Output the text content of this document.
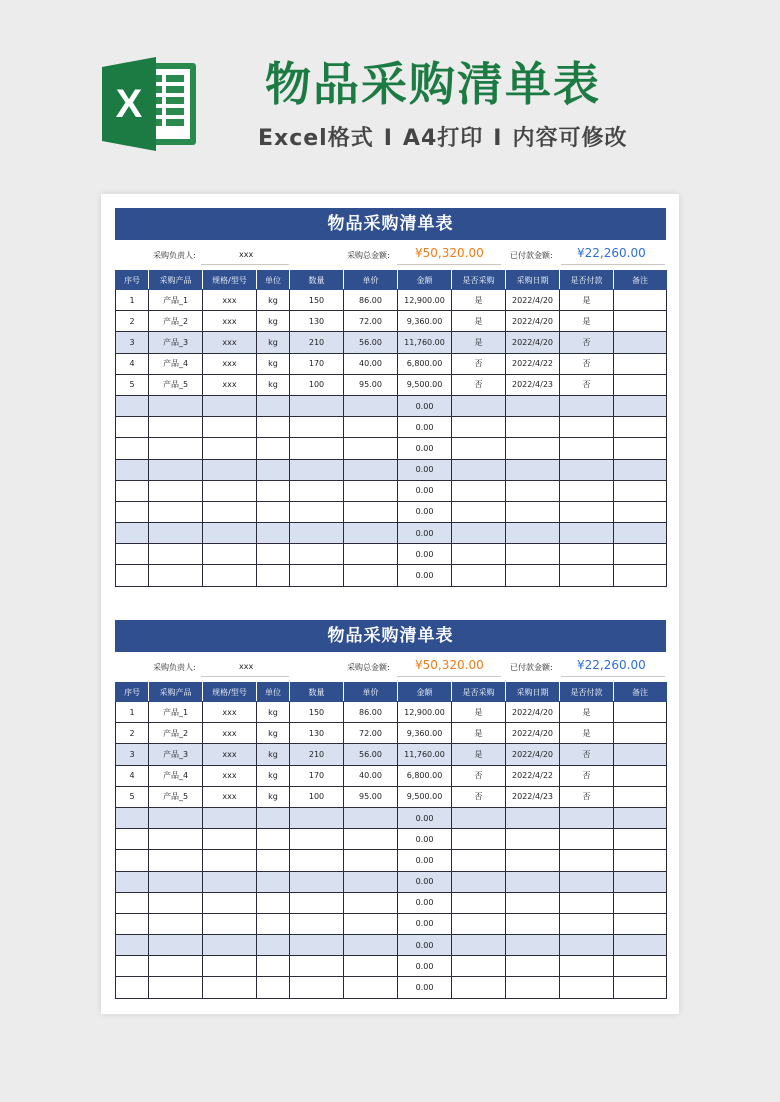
X	物品采购清单表
Excel格式 I A4打印 I 内容可修改
物品采购清单表
采购负责人:	xxx	采购总金额: ¥50,320.00	已付款金额: ¥22,260.00
序号	采购产品	规格/型号	单位	数量	单价	金额	是否采购	采购日期	是否付款	备注
1	产品_1	xxx	kg	150	86.00	12,900.00	是	2022/4/20	是	
2	产品_2	xxx	kg	130	72.00	9,360.00	是	2022/4/20	是	
3	产品_3	xxx	kg	210	56.00	11,760.00	是	2022/4/20	否	
4	产品_4	xxx	kg	170	40.00	6,800.00	否	2022/4/22	否	
5	产品_5	xxx	kg	100	95.00	9,500.00	否	2022/4/23	否	
						0.00				
						0.00				
						0.00				
						0.00				
						0.00				
						0.00				
						0.00				
						0.00				
						0.00				
物品采购清单表
采购负责人:	xxx	采购总金额: ¥50,320.00	已付款金额: ¥22,260.00
序号	采购产品	规格/型号	单位	数量	单价	金额	是否采购	采购日期	是否付款	备注
1	产品_1	xxx	kg	150	86.00	12,900.00	是	2022/4/20	是	
2	产品_2	xxx	kg	130	72.00	9,360.00	是	2022/4/20	是	
3	产品_3	xxx	kg	210	56.00	11,760.00	是	2022/4/20	否	
4	产品_4	xxx	kg	170	40.00	6,800.00	否	2022/4/22	否	
5	产品_5	xxx	kg	100	95.00	9,500.00	否	2022/4/23	否	
						0.00				
						0.00				
						0.00				
						0.00				
						0.00				
						0.00				
						0.00				
						0.00				
						0.00				
